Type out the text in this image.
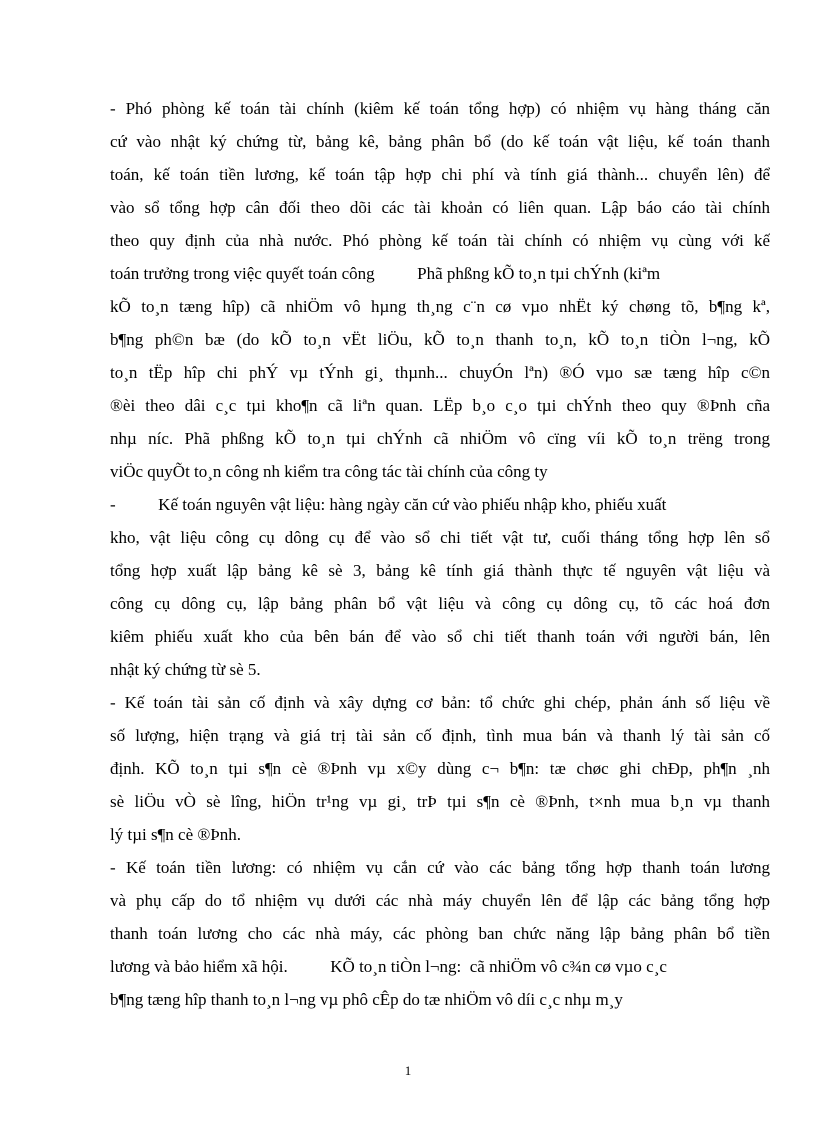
- Phó phòng kế toán tài chính (kiêm kế toán tổng hợp) có nhiệm vụ hàng tháng căn
cứ vào nhật ký chứng từ, bảng kê, bảng phân bổ (do kế toán vật liệu, kế toán thanh
toán, kế toán tiền lương, kế toán tập hợp chi phí và tính giá thành... chuyển lên) để
vào sổ tổng hợp cân đối theo dõi các tài khoản có liên quan. Lập báo cáo tài chính
theo quy định của nhà nước. Phó phòng kế toán tài chính có nhiệm vụ cùng với kế
toán trưởng trong việc quyết toán công          Phã phßng kÕ to¸n tµi chÝnh (kiªm
kÕ to¸n tæng hîp) cã nhiÖm vô hµng th¸ng c¨n cø vµo nhËt ký chøng tõ, b¶ng kª,
b¶ng ph©n bæ (do kÕ to¸n vËt liÖu, kÕ to¸n thanh to¸n, kÕ to¸n tiÒn l¬ng, kÕ
to¸n tËp hîp chi phÝ vµ tÝnh gi¸ thµnh... chuyÓn lªn) ®Ó vµo sæ tæng hîp c©n
®èi theo dâi c¸c tµi kho¶n cã liªn quan. LËp b¸o c¸o tµi chÝnh theo quy ®Þnh cña
nhµ níc. Phã phßng kÕ to¸n tµi chÝnh cã nhiÖm vô cïng víi kÕ to¸n trëng trong
viÖc quyÕt to¸n công nh kiểm tra công tác tài chính của công ty
-          Kế toán nguyên vật liệu: hàng ngày căn cứ vào phiếu nhập kho, phiếu xuất
kho, vật liệu công cụ dông cụ để vào sổ chi tiết vật tư, cuối tháng tổng hợp lên sổ
tổng hợp xuất lập bảng kê sè 3, bảng kê tính giá thành thực tế nguyên vật liệu và
công cụ dông cụ, lập bảng phân bổ vật liệu và công cụ dông cụ, tõ các hoá đơn
kiêm phiếu xuất kho của bên bán để vào sổ chi tiết thanh toán với người bán, lên
nhật ký chứng từ sè 5.
- Kế toán tài sản cố định và xây dựng cơ bản: tổ chức ghi chép, phản ánh số liệu về
số lượng, hiện trạng và giá trị tài sản cố định, tình mua bán và thanh lý tài sản cố
định. KÕ to¸n tµi s¶n cè ®Þnh vµ x©y dùng c¬ b¶n: tæ chøc ghi chÐp, ph¶n ¸nh
sè liÖu vÒ sè lîng, hiÖn tr¹ng vµ gi¸ trÞ tµi s¶n cè ®Þnh, t×nh mua b¸n vµ thanh
lý tµi s¶n cè ®Þnh.
- Kế toán tiền lương: có nhiệm vụ cắn cứ vào các bảng tổng hợp thanh toán lương
và phụ cấp do tổ nhiệm vụ dưới các nhà máy chuyển lên để lập các bảng tổng hợp
thanh toán lương cho các nhà máy, các phòng ban chức năng lập bảng phân bổ tiền
lương và bảo hiểm xã hội.          KÕ to¸n tiÒn l¬ng:  cã nhiÖm vô c¾n cø vµo c¸c
b¶ng tæng hîp thanh to¸n l¬ng vµ phô cÊp do tæ nhiÖm vô díi c¸c nhµ m¸y
1
